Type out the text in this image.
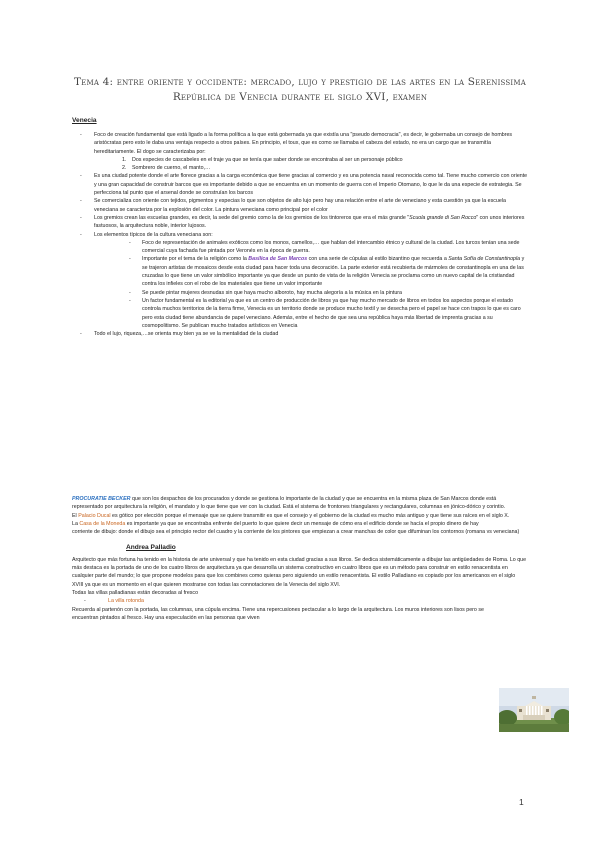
Tema 4: entre oriente y occidente: mercado, lujo y prestigio de las artes en la Serenissima
República de Venecia durante el siglo XVI, examen
Venecia
- Foco de creación fundamental que está ligado a la forma política a la que está gobernada ya que existía una "pseudo democracia", es decir, le gobernaba un consejo de hombres aristócratas pero esto le daba una ventaja respecto a otros países. En principio, el toux, que es como se llamaba el cabeza del estado, no era un cargo que se transmitía hereditariamente. El dogo se caracterizaba por:
1. Dos especies de cascabeles en el traje ya que se tenía que saber donde se encontraba al ser un personaje público
2. Sombrero de cuerno, el manto,…
- Es una ciudad potente donde el arte florece gracias a la carga económica que tiene gracias al comercio y es una potencia naval reconocida como tal. Tiene mucho comercio con oriente y una gran capacidad de construir barcos que es importante debido a que se encuentra en un momento de guerra con el Imperio Otomano, lo que le da una especie de estrategia. Se perfecciona tal punto que el arsenal donde se construían los barcos
- Se comercializa con oriente con tejidos, pigmentos y especias lo que son objetos de alto lujo pero hay una relación entre el arte de veneciano y esta cuestión ya que la escuela veneciana se caracteriza por la explosión del color. La pintura veneciana como principal por el color
- Los gremios crean las escuelas grandes, es decir, la sede del gremio como la de los gremios de los tintoreros que era el más grande "Scuola grande di San Rocco" con unos interiores fastuosos, la arquitectura noble, interior lujosos.
- Los elementos típicos de la cultura veneciana son:
- Foco de representación de animales exóticos como los monos, camellos,… que hablan del intercambio étnico y cultural de la ciudad. Los turcos tenían una sede comercial cuya fachada fue pintada por Veronés en la época de guerra.
- Importante por el tema de la religión como la Basílica de San Marcos con una serie de cúpulas al estilo bizantino que recuerda a Santa Sofía de Constantinopla y se trajeron artistas de mosaicos desde esta ciudad para hacer toda una decoración. La parte exterior está recubierta de mármoles de constantinopla en una de las cruzadas lo que tiene un valor simbólico importante ya que desde un punto de vista de la religión Venecia se proclama como un nuevo capital de la cristiandad contra los infieles con el robo de los materiales que tiene un valor importante
- Se puede pintar mujeres desnudas sin que haya mucho alboroto, hay mucha alegoría a la música en la pintura
- Un factor fundamental es la editorial ya que es un centro de producción de libros ya que hay mucho mercado de libros en todos los aspectos porque el estado controla muchos territorios de la tierra firme, Venecia es un territorio donde se produce mucho textil y se desecha pero el papel se hace con trapos lo que es caro pero esta ciudad tiene abundancia de papel veneciano. Además, entre el hecho de que sea una república haya más libertad de imprenta gracias a su cosmopolitismo. Se publican mucho tratados artísticos en Venecia
- Todo el lujo, riqueza,…se orienta muy bien ya se ve la mentalidad de la ciudad

PROCURATIE BECKER que son los despachos de los procurados y donde se gestiona lo importante de la ciudad y que se encuentra en la misma plaza de San Marcos donde está representado por arquitectura la religión, el mandato y lo que tiene que ver con la ciudad. Está el sistema de frontones triangulares y rectangulares, columnas en jónico-dórico y corintio.

El Palacio Ducal es gótico por elección porque el mensaje que se quiere transmitir es que el consejo y el gobierno de la ciudad es mucho más antiguo y que tiene sus raíces en el siglo X.

La Casa de la Moneda es importante ya que se encontraba enfrente del puerto lo que quiere decir un mensaje de cómo era el edificio donde se hacía el propio dinero de hay

corriente de dibujo: donde el dibujo sea el principio rector del cuadro y la corriente de los pintores que empiezan a crear manchas de color que difuminan los contornos (romana vs veneciana)

Andrea Palladio

Arquitecto que más fortuna ha tenido en la historia de arte universal y que ha tenido en esta ciudad gracias a sus libros. Se dedica sistemáticamente a dibujar las antigüedades de Roma. Lo que más destaca es la portada de uno de los cuatro libros de arquitectura ya que desarrolla un sistema constructivo en cuatro libros que es un método para construir en estilo renacentista en cualquier parte del mundo; lo que propone modelos para que los combines como quieras pero siguiendo un estilo renacentista. El estilo Palladiano es copiado por los americanos en el siglo XVIII ya que es un momento en el que quieren mostrarse con todas las connotaciones de la Venecia del siglo XVI.

Todas las villas palladianas están decoradas al fresco

-	La villa rotonda

Recuerda al partenón con la portada, las columnas, una cúpula encima. Tiene una repercusiones pectacular a lo largo de la arquitectura. Los muros interiores son lisos pero se encuentran pintados al fresco. Hay una especulación en las personas que viven

1
